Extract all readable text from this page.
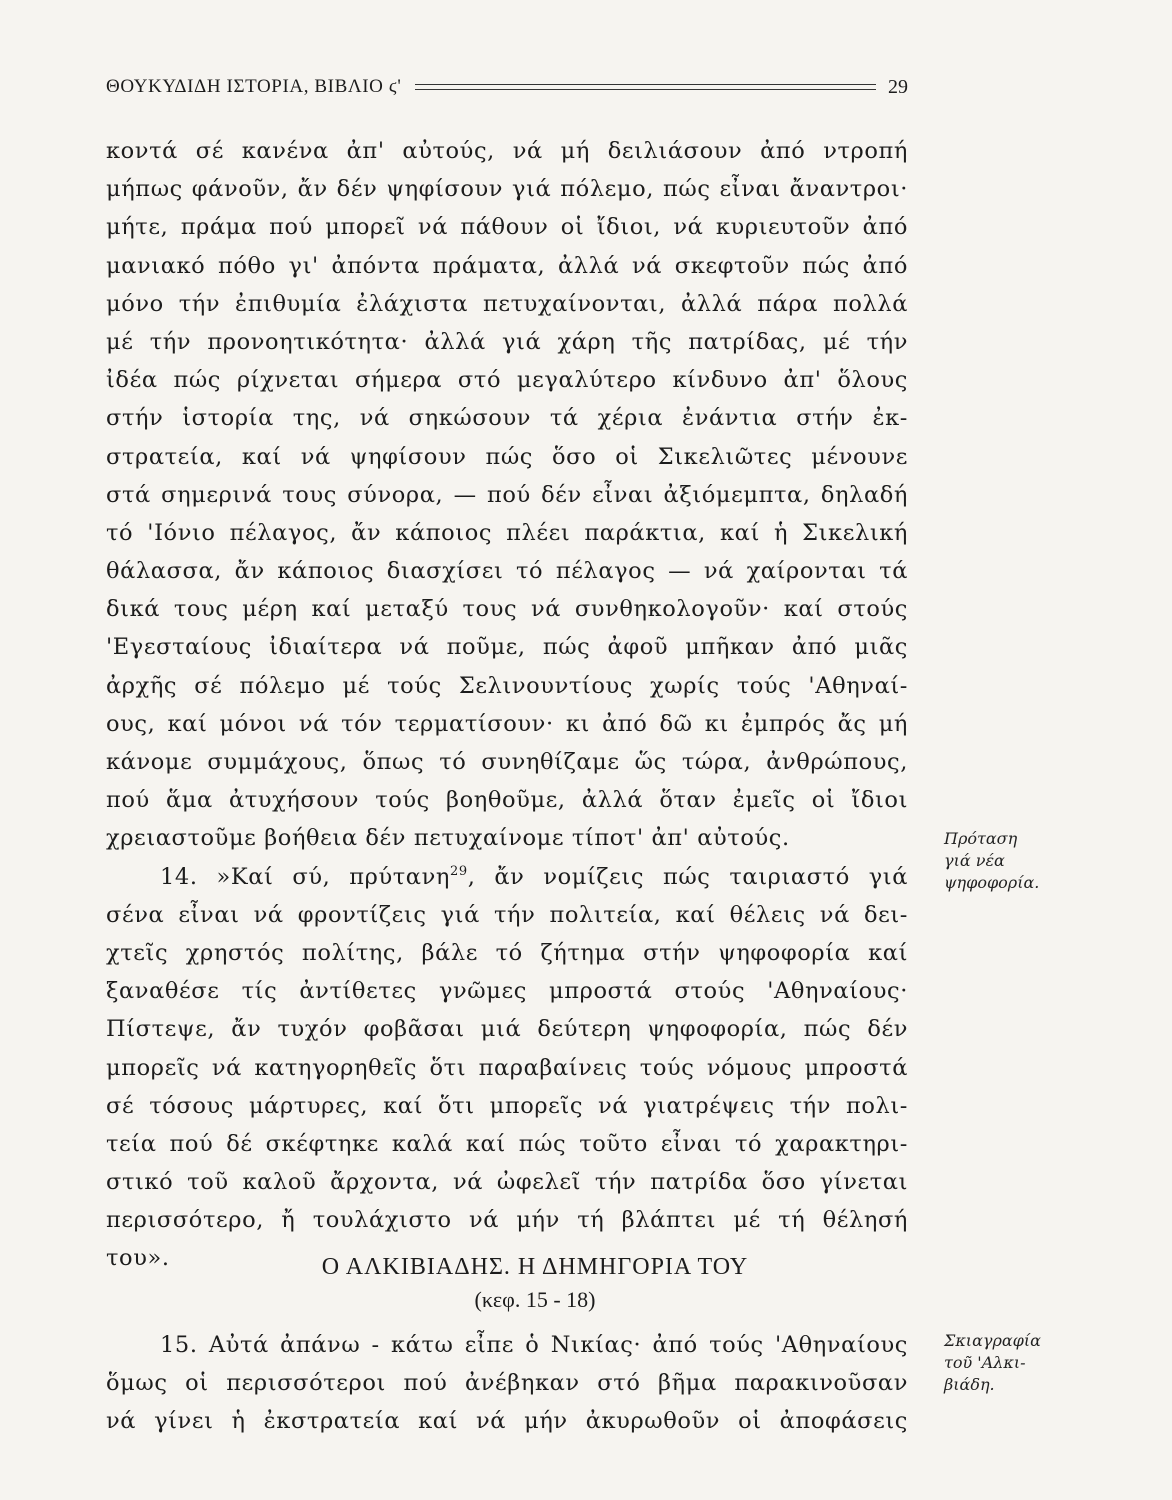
ΘΟΥΚΥΔΙΔΗ ΙΣΤΟΡΙΑ, ΒΙΒΛΙΟ ϛ'	29
κοντά σέ κανένα ἀπ' αὐτούς, νά μή δειλιάσουν ἀπό ντροπή
μήπως φάνοῦν, ἄν δέν ψηφίσουν γιά πόλεμο, πώς εἶναι ἄναντροι·
μήτε, πράμα πού μπορεῖ νά πάθουν οἱ ἴδιοι, νά κυριευτοῦν ἀπό
μανιακό πόθο γι' ἀπόντα πράματα, ἀλλά νά σκεφτοῦν πώς ἀπό
μόνο τήν ἐπιθυμία ἐλάχιστα πετυχαίνονται, ἀλλά πάρα πολλά
μέ τήν προνοητικότητα· ἀλλά γιά χάρη τῆς πατρίδας, μέ τήν
ἰδέα πώς ρίχνεται σήμερα στό μεγαλύτερο κίνδυνο ἀπ' ὅλους
στήν ἱστορία της, νά σηκώσουν τά χέρια ἐνάντια στήν ἐκ-
στρατεία, καί νά ψηφίσουν πώς ὅσο οἱ Σικελιῶτες μένουνε
στά σημερινά τους σύνορα, — πού δέν εἶναι ἀξιόμεμπτα, δηλαδή
τό 'Ιόνιο πέλαγος, ἄν κάποιος πλέει παράκτια, καί ἡ Σικελική
θάλασσα, ἄν κάποιος διασχίσει τό πέλαγος — νά χαίρονται τά
δικά τους μέρη καί μεταξύ τους νά συνθηκολογοῦν· καί στούς
'Εγεσταίους ἰδιαίτερα νά ποῦμε, πώς ἀφοῦ μπῆκαν ἀπό μιᾶς
ἀρχῆς σέ πόλεμο μέ τούς Σελινουντίους χωρίς τούς 'Αθηναί-
ους, καί μόνοι νά τόν τερματίσουν· κι ἀπό δῶ κι ἐμπρός ἄς μή
κάνομε συμμάχους, ὅπως τό συνηθίζαμε ὥς τώρα, ἀνθρώπους,
πού ἅμα ἀτυχήσουν τούς βοηθοῦμε, ἀλλά ὅταν ἐμεῖς οἱ ἴδιοι
χρειαστοῦμε βοήθεια δέν πετυχαίνομε τίποτ' ἀπ' αὐτούς.
14. »Καί σύ, πρύτανη$^{29}$, ἄν νομίζεις πώς ταιριαστό γιά
σένα εἶναι νά φροντίζεις γιά τήν πολιτεία, καί θέλεις νά δει-
χτεῖς χρηστός πολίτης, βάλε τό ζήτημα στήν ψηφοφορία καί
ξαναθέσε τίς ἀντίθετες γνῶμες μπροστά στούς 'Αθηναίους·
Πίστεψε, ἄν τυχόν φοβᾶσαι μιά δεύτερη ψηφοφορία, πώς δέν
μπορεῖς νά κατηγορηθεῖς ὅτι παραβαίνεις τούς νόμους μπροστά
σέ τόσους μάρτυρες, καί ὅτι μπορεῖς νά γιατρέψεις τήν πολι-
τεία πού δέ σκέφτηκε καλά καί πώς τοῦτο εἶναι τό χαρακτηρι-
στικό τοῦ καλοῦ ἄρχοντα, νά ὠφελεῖ τήν πατρίδα ὅσο γίνεται
περισσότερο, ἤ τουλάχιστο νά μήν τή βλάπτει μέ τή θέλησή
του».	Ο ΑΛΚΙΒΙΑΔΗΣ. Η ΔΗΜΗΓΟΡΙΑ ΤΟΥ
(κεφ. 15 - 18)
15. Αὐτά ἀπάνω - κάτω εἶπε ὁ Νικίας· ἀπό τούς 'Αθηναίους
ὅμως οἱ περισσότεροι πού ἀνέβηκαν στό βῆμα παρακινοῦσαν
νά γίνει ἡ ἐκστρατεία καί νά μήν ἀκυρωθοῦν οἱ ἀποφάσεις
Πρόταση
γιά νέα
ψηφοφορία.
Σκιαγραφία
τοῦ 'Αλκι-
βιάδη.
